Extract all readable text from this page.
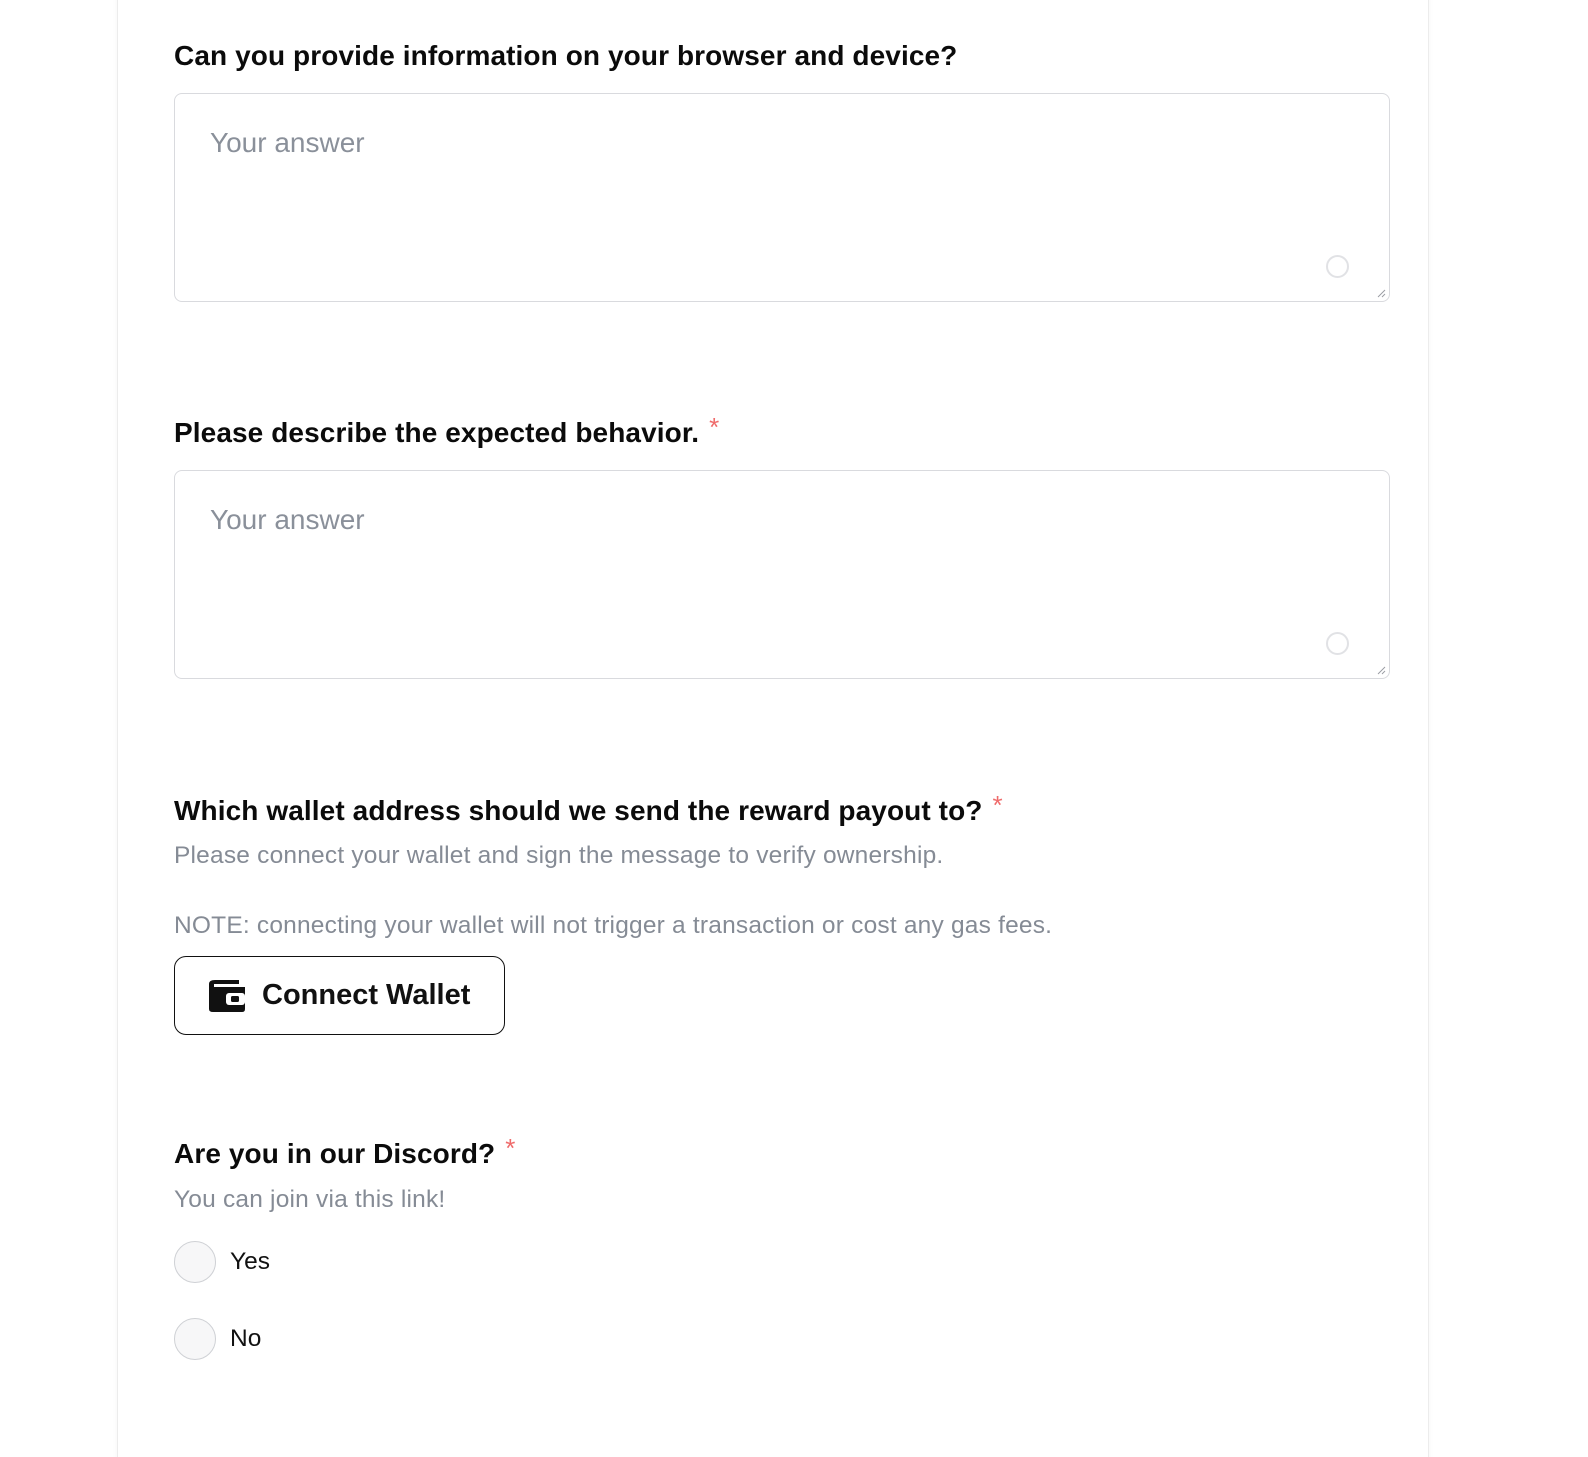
Can you provide information on your browser and device?
Your answer
Please describe the expected behavior. *
Your answer
Which wallet address should we send the reward payout to? *
Please connect your wallet and sign the message to verify ownership.
NOTE: connecting your wallet will not trigger a transaction or cost any gas fees.
Connect Wallet
Are you in our Discord? *
You can join via this link!
Yes
No
